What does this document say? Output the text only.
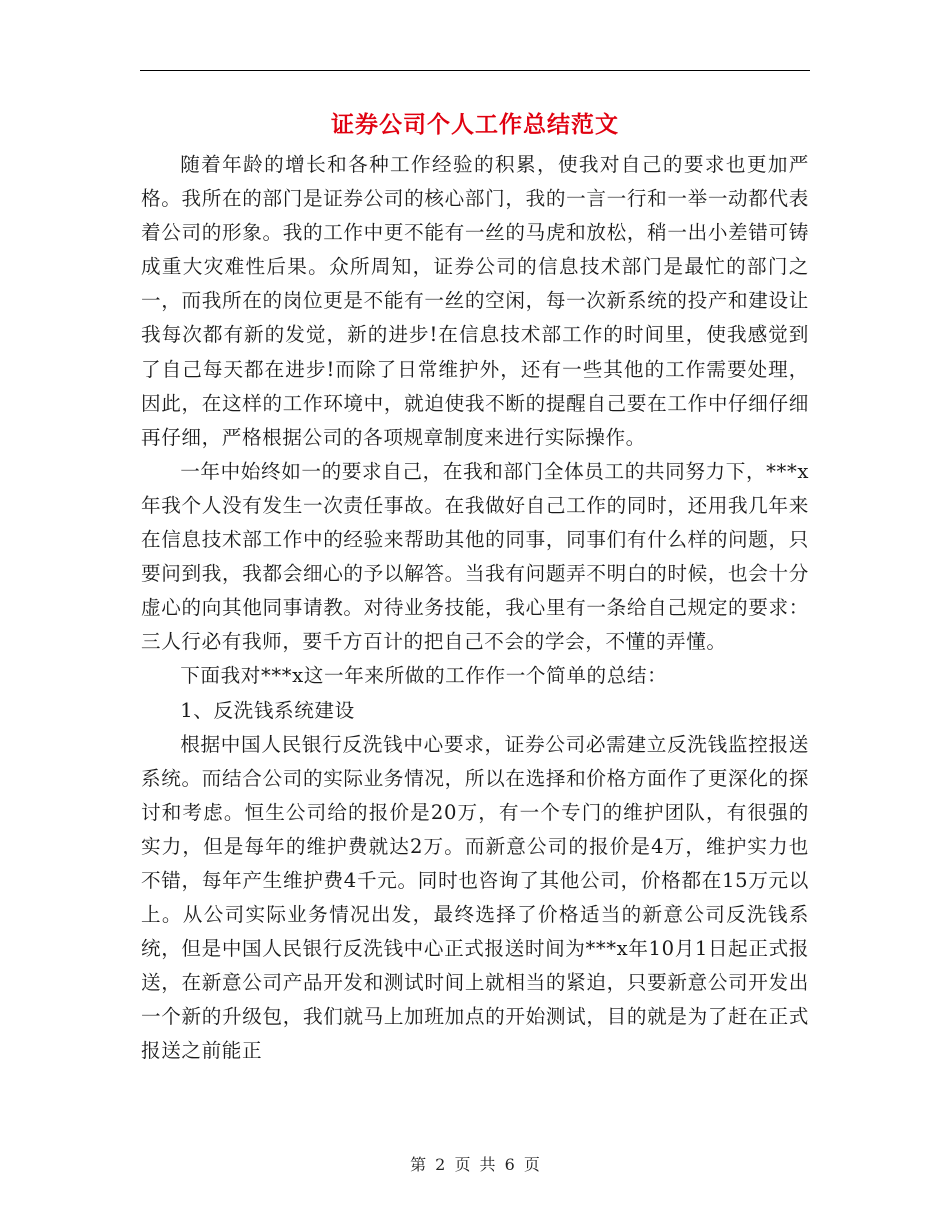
证券公司个人工作总结范文

随着年龄的增长和各种工作经验的积累，使我对自己的要求也更加严格。我所在的部门是证券公司的核心部门，我的一言一行和一举一动都代表着公司的形象。我的工作中更不能有一丝的马虎和放松，稍一出小差错可铸成重大灾难性后果。众所周知，证券公司的信息技术部门是最忙的部门之一，而我所在的岗位更是不能有一丝的空闲，每一次新系统的投产和建设让我每次都有新的发觉，新的进步!在信息技术部工作的时间里，使我感觉到了自己每天都在进步!而除了日常维护外，还有一些其他的工作需要处理，因此，在这样的工作环境中，就迫使我不断的提醒自己要在工作中仔细仔细再仔细，严格根据公司的各项规章制度来进行实际操作。

一年中始终如一的要求自己，在我和部门全体员工的共同努力下，***x年我个人没有发生一次责任事故。在我做好自己工作的同时，还用我几年来在信息技术部工作中的经验来帮助其他的同事，同事们有什么样的问题，只要问到我，我都会细心的予以解答。当我有问题弄不明白的时候，也会十分虚心的向其他同事请教。对待业务技能，我心里有一条给自己规定的要求：三人行必有我师，要千方百计的把自己不会的学会，不懂的弄懂。

下面我对***x这一年来所做的工作作一个简单的总结：

1、反洗钱系统建设

根据中国人民银行反洗钱中心要求，证券公司必需建立反洗钱监控报送系统。而结合公司的实际业务情况，所以在选择和价格方面作了更深化的探讨和考虑。恒生公司给的报价是20万，有一个专门的维护团队，有很强的实力，但是每年的维护费就达2万。而新意公司的报价是4万，维护实力也不错，每年产生维护费4千元。同时也咨询了其他公司，价格都在15万元以上。从公司实际业务情况出发，最终选择了价格适当的新意公司反洗钱系统，但是中国人民银行反洗钱中心正式报送时间为***x年10月1日起正式报送，在新意公司产品开发和测试时间上就相当的紧迫，只要新意公司开发出一个新的升级包，我们就马上加班加点的开始测试，目的就是为了赶在正式报送之前能正

第 2 页 共 6 页
